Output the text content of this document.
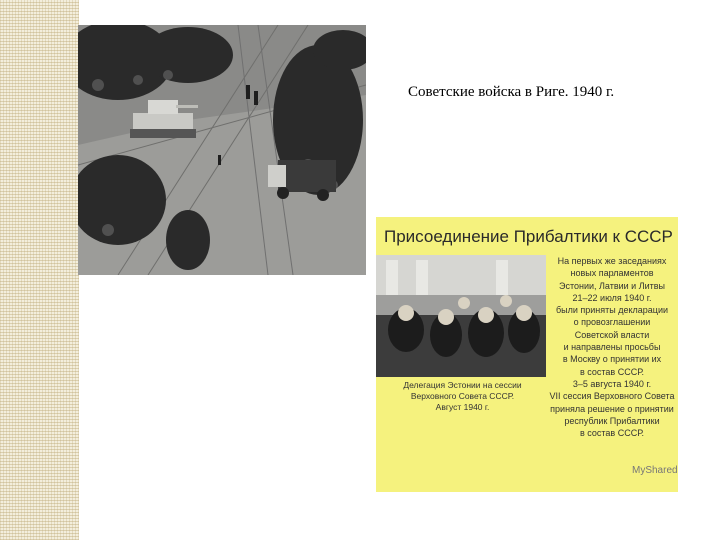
Советские войска в Риге. 1940 г.
Присоединение Прибалтики к СССР
Делегация Эстонии на сессии
Верховного Совета СССР.
Август 1940 г.
На первых же заседаниях
новых парламентов
Эстонии, Латвии и Литвы
21–22 июля 1940 г.
были приняты декларации
о провозглашении
Советской власти
и направлены просьбы
в Москву о принятии их
в состав СССР.
3–5 августа 1940 г.
VII сессия Верховного Совета
приняла решение о принятии
республик Прибалтики
в состав СССР.
MyShared
